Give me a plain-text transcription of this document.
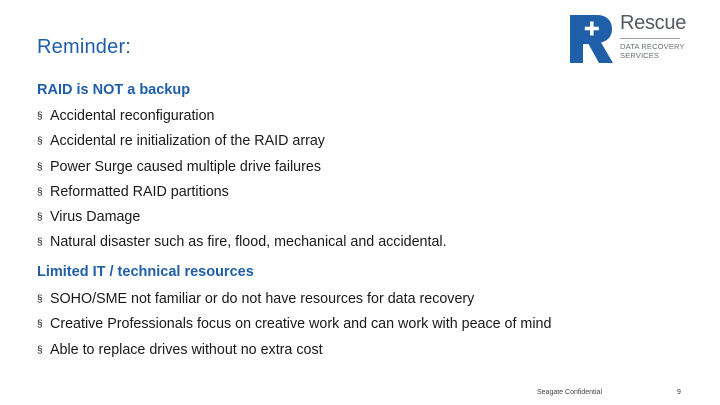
Reminder:
Rescue
DATA RECOVERY
SERVICES
RAID is NOT a backup
§ Accidental reconfiguration
§ Accidental re initialization of the RAID array
§ Power Surge caused multiple drive failures
§ Reformatted RAID partitions
§ Virus Damage
§ Natural disaster such as fire, flood, mechanical and accidental.
Limited IT / technical resources
§ SOHO/SME not familiar or do not have resources for data recovery
§ Creative Professionals focus on creative work and can work with peace of mind
§ Able to replace drives without no extra cost
Seagate Confidential	9
